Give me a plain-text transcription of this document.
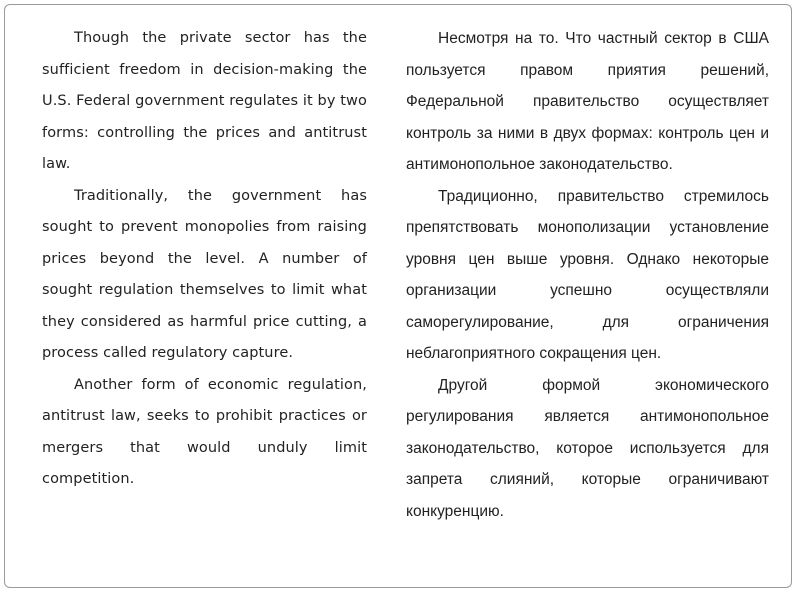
Though the private sector has the sufficient freedom in decision-making the U.S. Federal government regulates it by two forms: controlling the prices and antitrust law.

Traditionally, the government has sought to prevent monopolies from raising prices beyond the level. A number of sought regulation themselves to limit what they considered as harmful price cutting, a process called regulatory capture.

Another form of economic regulation, antitrust law, seeks to prohibit practices or mergers that would unduly limit competition.

Несмотря на то. Что частный сектор в США пользуется правом приятия решений, Федеральной правительство осуществляет контроль за ними в двух формах: контроль цен и антимонопольное законодательство.

Традиционно, правительство стремилось препятствовать монополизации установление уровня цен выше уровня. Однако некоторые организации успешно осуществляли саморегулирование, для ограничения неблагоприятного сокращения цен.

Другой формой экономического регулирования является антимонопольное законодательство, которое используется для запрета слияний, которые ограничивают конкуренцию.
